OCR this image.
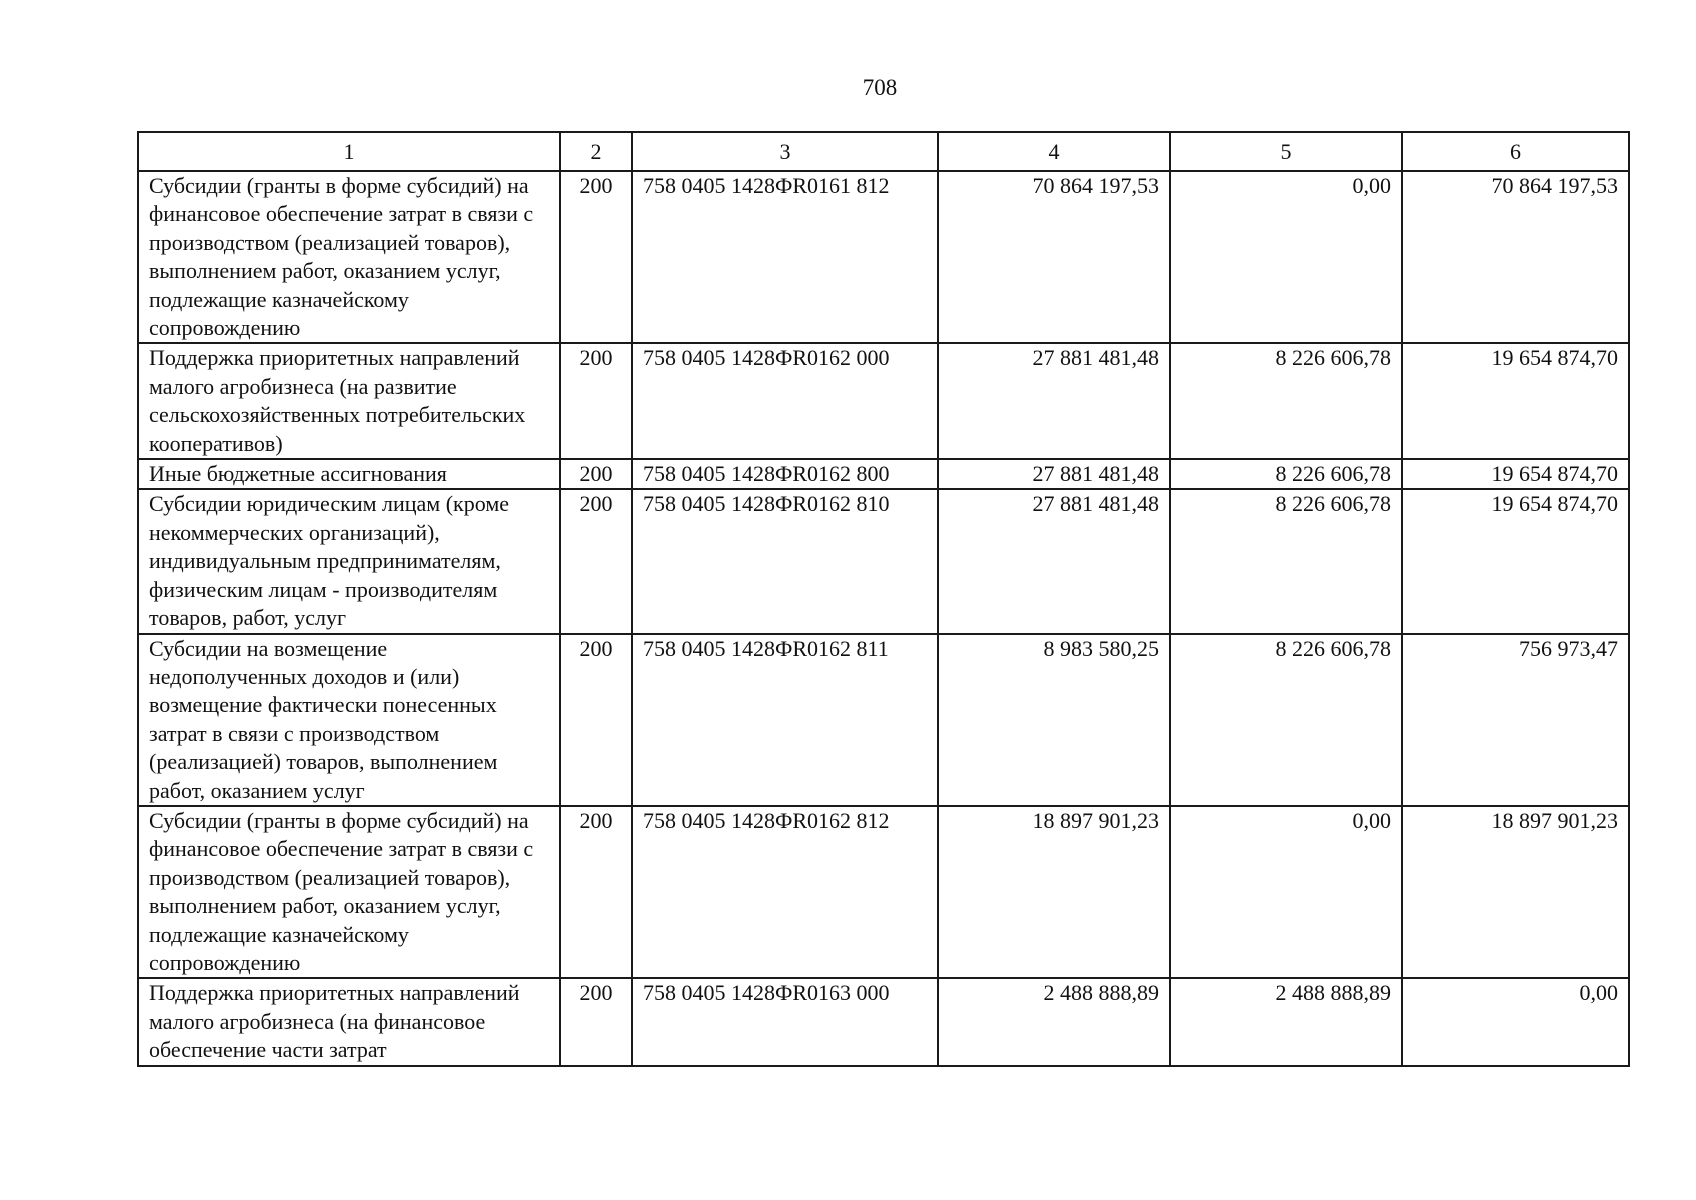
708
1	2	3	4	5	6
Субсидии (гранты в форме субсидий) на финансовое обеспечение затрат в связи с производством (реализацией товаров), выполнением работ, оказанием услуг, подлежащие казначейскому сопровождению	200	758 0405 1428ФR0161 812	70 864 197,53	0,00	70 864 197,53
Поддержка приоритетных направлений малого агробизнеса (на развитие сельскохозяйственных потребительских кооперативов)	200	758 0405 1428ФR0162 000	27 881 481,48	8 226 606,78	19 654 874,70
Иные бюджетные ассигнования	200	758 0405 1428ФR0162 800	27 881 481,48	8 226 606,78	19 654 874,70
Субсидии юридическим лицам (кроме некоммерческих организаций), индивидуальным предпринимателям, физическим лицам - производителям товаров, работ, услуг	200	758 0405 1428ФR0162 810	27 881 481,48	8 226 606,78	19 654 874,70
Субсидии на возмещение недополученных доходов и (или) возмещение фактически понесенных затрат в связи с производством (реализацией) товаров, выполнением работ, оказанием услуг	200	758 0405 1428ФR0162 811	8 983 580,25	8 226 606,78	756 973,47
Субсидии (гранты в форме субсидий) на финансовое обеспечение затрат в связи с производством (реализацией товаров), выполнением работ, оказанием услуг, подлежащие казначейскому сопровождению	200	758 0405 1428ФR0162 812	18 897 901,23	0,00	18 897 901,23
Поддержка приоритетных направлений малого агробизнеса (на финансовое обеспечение части затрат	200	758 0405 1428ФR0163 000	2 488 888,89	2 488 888,89	0,00
